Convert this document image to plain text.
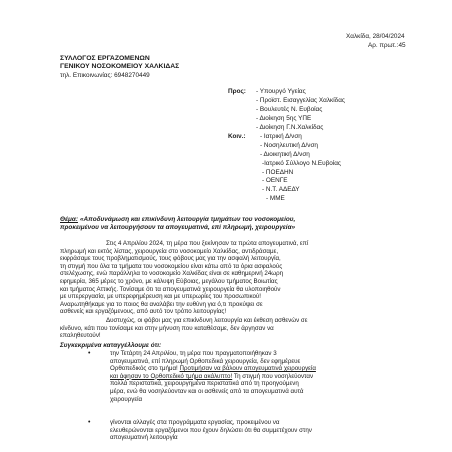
Χαλκίδα, 28/04/2024
Αρ. πρωτ.:45
ΣΥΛΛΟΓΟΣ ΕΡΓΑΖΟΜΕΝΩΝ
ΓΕΝΙΚΟΥ ΝΟΣΟΚΟΜΕΙΟΥ ΧΑΛΚΙΔΑΣ
τηλ. Επικοινωνίας: 6948270449
Προς: - Υπουργό Υγείας
- Προϊστ. Εισαγγελίας Χαλκίδας
- Βουλευτές Ν. Ευβοίας
- Διοίκηση 5ης ΥΠΕ
- Διοίκηση Γ.Ν.Χαλκίδας
Κοιν.: - Ιατρική Δ/νση
- Νοσηλευτική Δ/νση
- Διοικητική Δ/νση
-Ιατρικό Σύλλογο Ν.Ευβοίας
- ΠΟΕΔΗΝ
- ΟΕΝΓΕ
- Ν.Τ. ΑΔΕΔΥ
- ΜΜΕ
Θέμα: «Αποδυνάμωση και επικίνδυνη λειτουργία τμημάτων του νοσοκομείου,
προκειμένου να λειτουργήσουν τα απογευματινά, επί πληρωμή, χειρουργεία»
Στις 4 Απριλίου 2024, τη μέρα που ξεκίνησαν τα πρώτα απογευματινά, επί
πληρωμή και εκτός λίστας, χειρουργεία στο νοσοκομείο Χαλκίδας, αντιδράσαμε,
εκφράσαμε τους προβληματισμούς, τους φόβους μας για την ασφαλή λειτουργία,
τη στιγμή που όλα τα τμήματα του νοσοκομείου είναι κάτω από τα όρια ασφαλούς
στελέχωσης, ενώ παράλληλα το νοσοκομείο Χαλκίδας είναι σε καθημερινή 24ωρη
εφημερία, 365 μέρες το χρόνο, με κάλυψη Εύβοιας, μεγάλου τμήματος Βοιωτίας
και τμήματος Αττικής. Τονίσαμε ότι τα απογευματινά χειρουργεία θα υλοποιηθούν
με υπερεργασία, με υπερεφημέρευση και με υπερωρίες του προσωπικού!
Αναρωτηθήκαμε για το ποιος θα αναλάβει την ευθύνη για ό,τι προκύψει σε
ασθενείς και εργαζόμενους, από αυτό τον τρόπο λειτουργίας!
Δυστυχώς, οι φόβοι μας για επικίνδυνη λειτουργία και έκθεση ασθενών σε
κίνδυνο, κάτι που τονίσαμε και στην μήνυση που καταθέσαμε, δεν άργησαν να
επαληθευτούν!
Συγκεκριμένα καταγγέλλουμε ότι:
•	την Τετάρτη 24 Απριλίου, τη μέρα που πραγματοποιήθηκαν 3
απογευματινά, επί πληρωμή Ορθοπεδικά χειρουργεία, δεν εφημέρευε
Ορθοπεδικός στο τμήμα! Προτιμήσαν να βάλουν απογευματινά χειρουργεία
και άφησαν το Ορθοπεδικό τμήμα ακάλυπτο! Τη στιγμή που νοσηλεύονταν
πολλά περιστατικά, χειρουργημένα περιστατικά από τη προηγούμενη
μέρα, ενώ θα νοσηλεύονταν και οι ασθενείς από τα απογευματινά αυτά
χειρουργεία
•	γίνονται αλλαγές στα προγράμματα εργασίας, προκειμένου να
ελευθερώνονται εργαζόμενοι που έχουν δηλώσει ότι θα συμμετέχουν στην
απογευματινή λειτουργία
